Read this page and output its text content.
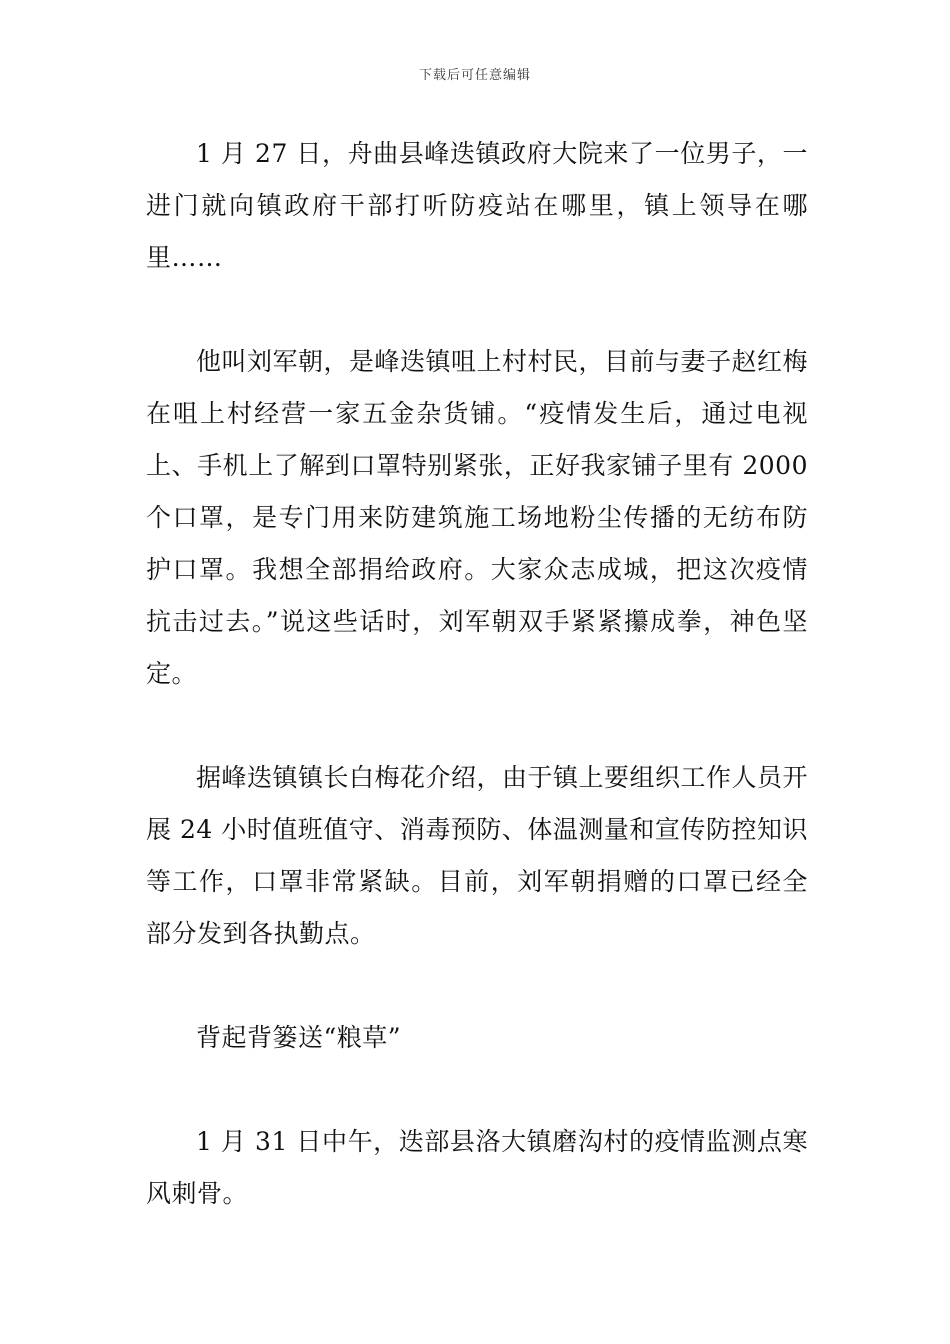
下载后可任意编辑

1 月 27 日，舟曲县峰迭镇政府大院来了一位男子，一进门就向镇政府干部打听防疫站在哪里，镇上领导在哪里……

他叫刘军朝，是峰迭镇咀上村村民，目前与妻子赵红梅在咀上村经营一家五金杂货铺。“疫情发生后，通过电视上、手机上了解到口罩特别紧张，正好我家铺子里有 2000 个口罩，是专门用来防建筑施工场地粉尘传播的无纺布防护口罩。我想全部捐给政府。大家众志成城，把这次疫情抗击过去。”说这些话时，刘军朝双手紧紧攥成拳，神色坚定。

据峰迭镇镇长白梅花介绍，由于镇上要组织工作人员开展 24 小时值班值守、消毒预防、体温测量和宣传防控知识等工作，口罩非常紧缺。目前，刘军朝捐赠的口罩已经全部分发到各执勤点。

背起背篓送“粮草”

1 月 31 日中午，迭部县洛大镇磨沟村的疫情监测点寒风刺骨。
